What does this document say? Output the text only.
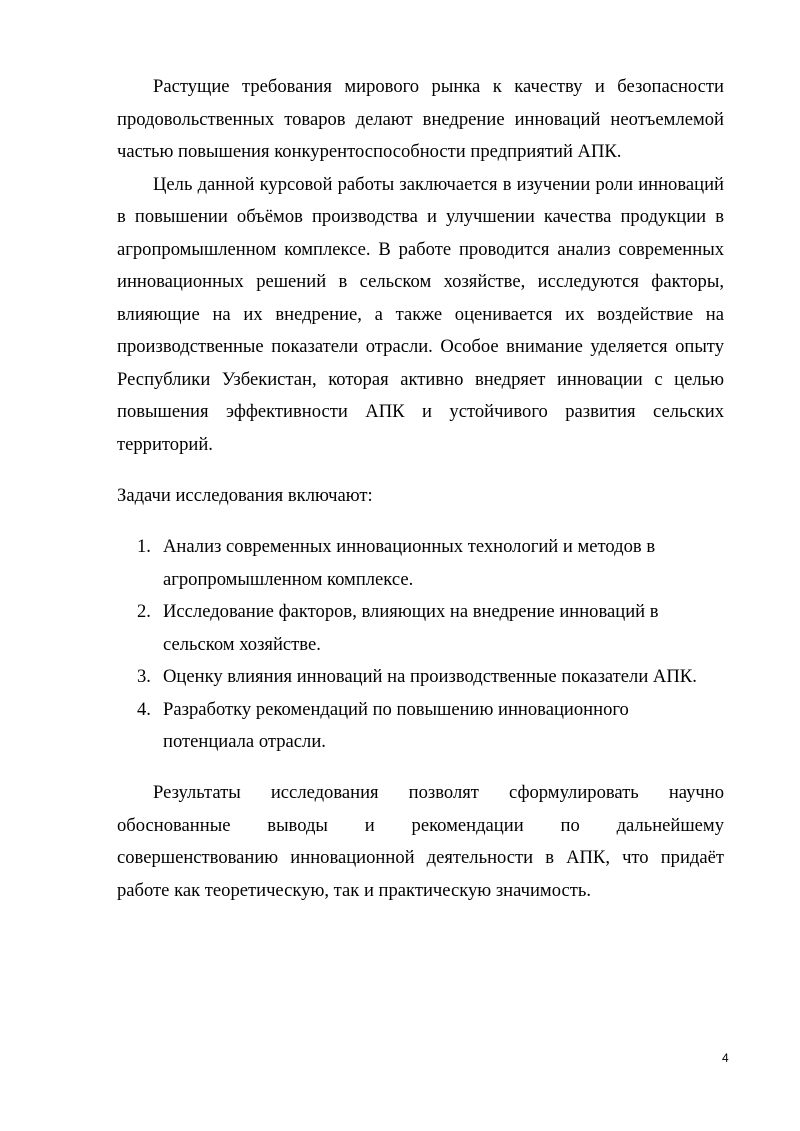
Растущие требования мирового рынка к качеству и безопасности продовольственных товаров делают внедрение инноваций неотъемлемой частью повышения конкурентоспособности предприятий АПК.

Цель данной курсовой работы заключается в изучении роли инноваций в повышении объёмов производства и улучшении качества продукции в агропромышленном комплексе. В работе проводится анализ современных инновационных решений в сельском хозяйстве, исследуются факторы, влияющие на их внедрение, а также оценивается их воздействие на производственные показатели отрасли. Особое внимание уделяется опыту Республики Узбекистан, которая активно внедряет инновации с целью повышения эффективности АПК и устойчивого развития сельских территорий.

Задачи исследования включают:

1. Анализ современных инновационных технологий и методов в агропромышленном комплексе.
2. Исследование факторов, влияющих на внедрение инноваций в сельском хозяйстве.
3. Оценку влияния инноваций на производственные показатели АПК.
4. Разработку рекомендаций по повышению инновационного потенциала отрасли.

Результаты исследования позволят сформулировать научно обоснованные выводы и рекомендации по дальнейшему совершенствованию инновационной деятельности в АПК, что придаёт работе как теоретическую, так и практическую значимость.

4
